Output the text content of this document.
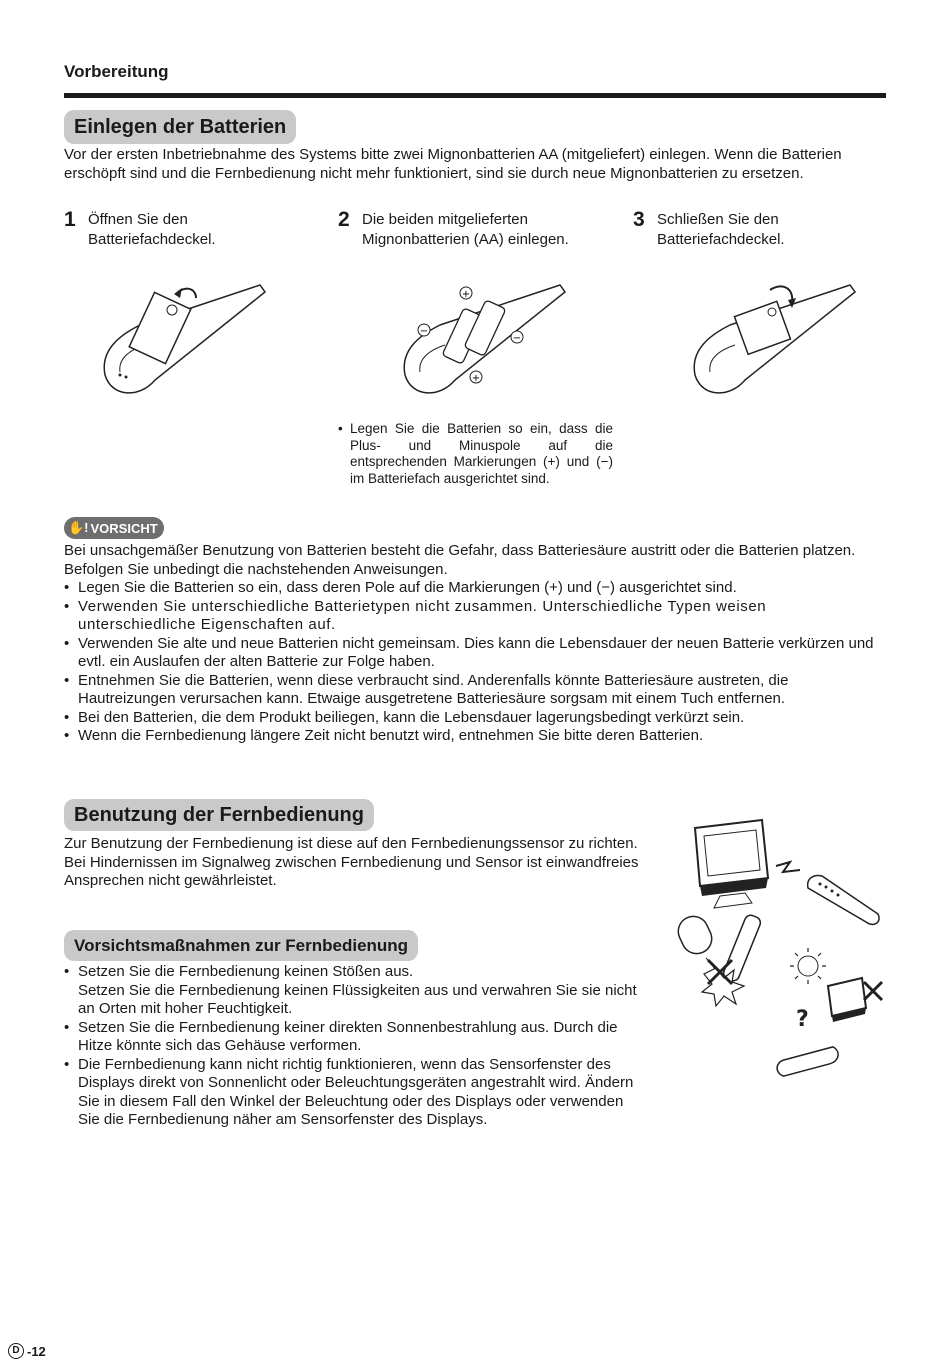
Vorbereitung
Einlegen der Batterien
Vor der ersten Inbetriebnahme des Systems bitte zwei Mignonbatterien AA (mitgeliefert) einlegen. Wenn die Batterien erschöpft sind und die Fernbedienung nicht mehr funktioniert, sind sie durch neue Mignonbatterien zu ersetzen.
1 Öffnen Sie den Batteriefachdeckel.
2 Die beiden mitgelieferten Mignonbatterien (AA) einlegen.
3 Schließen Sie den Batteriefachdeckel.
+
−
−
+
• Legen Sie die Batterien so ein, dass die Plus- und Minuspole auf die entsprechenden Markierungen (+) und (−) im Batteriefach ausgerichtet sind.
✋! VORSICHT
Bei unsachgemäßer Benutzung von Batterien besteht die Gefahr, dass Batteriesäure austritt oder die Batterien platzen. Befolgen Sie unbedingt die nachstehenden Anweisungen.
• Legen Sie die Batterien so ein, dass deren Pole auf die Markierungen (+) und (−) ausgerichtet sind.
• Verwenden Sie unterschiedliche Batterietypen nicht zusammen. Unterschiedliche Typen weisen unterschiedliche Eigenschaften auf.
• Verwenden Sie alte und neue Batterien nicht gemeinsam. Dies kann die Lebensdauer der neuen Batterie verkürzen und evtl. ein Auslaufen der alten Batterie zur Folge haben.
• Entnehmen Sie die Batterien, wenn diese verbraucht sind. Anderenfalls könnte Batteriesäure austreten, die Hautreizungen verursachen kann. Etwaige ausgetretene Batteriesäure sorgsam mit einem Tuch entfernen.
• Bei den Batterien, die dem Produkt beiliegen, kann die Lebensdauer lagerungsbedingt verkürzt sein.
• Wenn die Fernbedienung längere Zeit nicht benutzt wird, entnehmen Sie bitte deren Batterien.
Benutzung der Fernbedienung
Zur Benutzung der Fernbedienung ist diese auf den Fernbedienungssensor zu richten. Bei Hindernissen im Signalweg zwischen Fernbedienung und Sensor ist einwandfreies Ansprechen nicht gewährleistet.
Vorsichtsmaßnahmen zur Fernbedienung
• Setzen Sie die Fernbedienung keinen Stößen aus.
Setzen Sie die Fernbedienung keinen Flüssigkeiten aus und verwahren Sie sie nicht an Orten mit hoher Feuchtigkeit.
• Setzen Sie die Fernbedienung keiner direkten Sonnenbestrahlung aus. Durch die Hitze könnte sich das Gehäuse verformen.
• Die Fernbedienung kann nicht richtig funktionieren, wenn das Sensorfenster des Displays direkt von Sonnenlicht oder Beleuchtungsgeräten angestrahlt wird. Ändern Sie in diesem Fall den Winkel der Beleuchtung oder des Displays oder verwenden Sie die Fernbedienung näher am Sensorfenster des Displays.
?
D -12
